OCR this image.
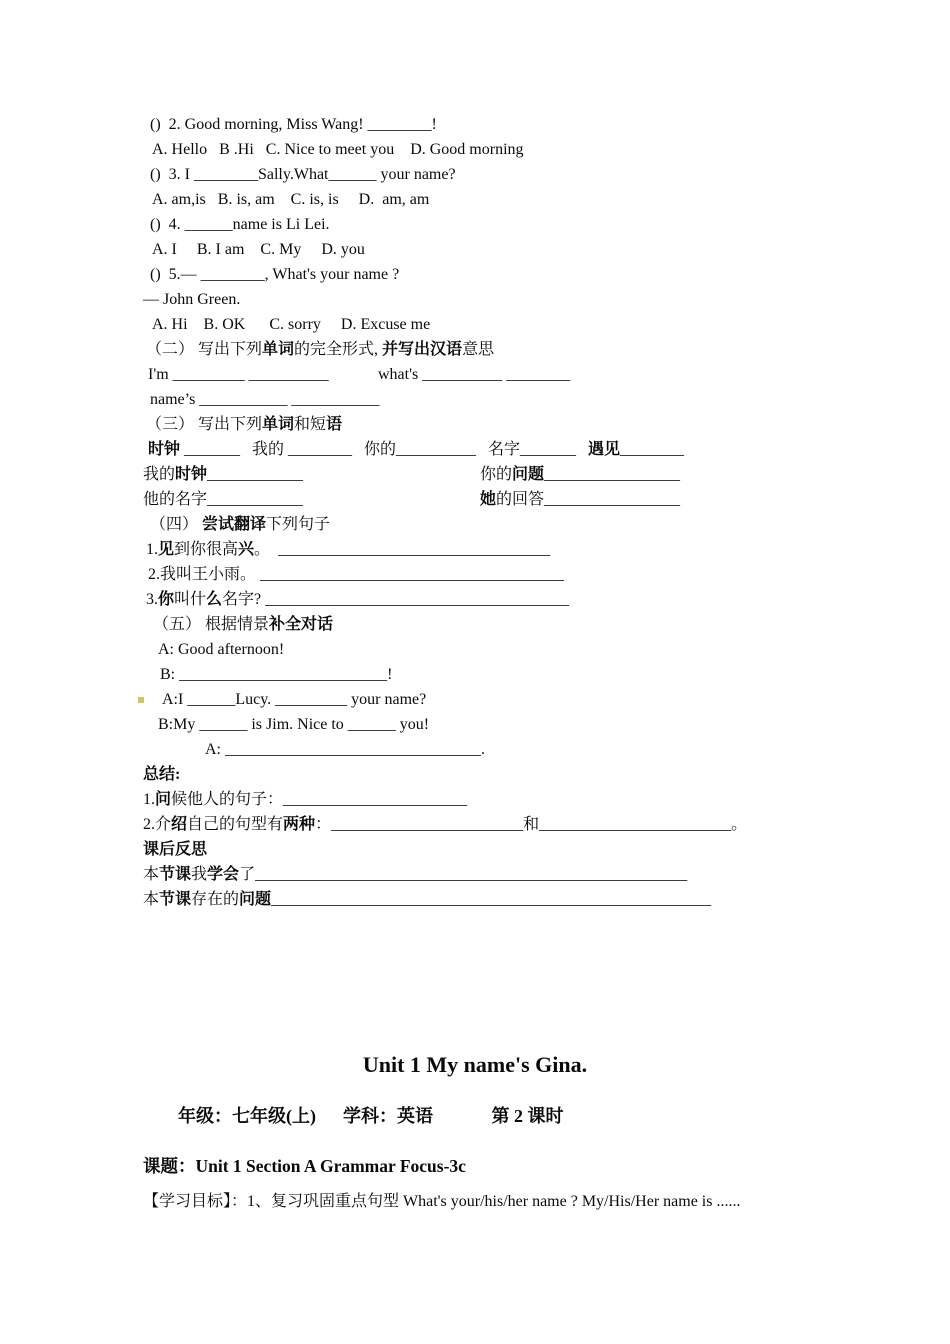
()  2. Good morning, Miss Wang! ________!
A. Hello   B .Hi   C. Nice to meet you    D. Good morning
()  3. I ________Sally.What______ your name?
A. am,is   B. is, am    C. is, is     D.  am, am
()  4. ______name is Li Lei.
A. I     B. I am    C. My     D. you
()  5.— ________, What's your name ?
— John Green.
A. Hi    B. OK      C. sorry     D. Excuse me
（二） 写出下列单词的完全形式, 并写出汉语意思
I'm _________ __________	what's __________ ________
name’s ___________ ___________
（三） 写出下列单词和短语
时钟 _______   我的 ________   你的__________   名字_______   遇见________
我的时钟____________	你的 问题 _________________
他的名字____________	她 的回答 _________________
（四） 尝试翻译下列句子
1.见到你很高兴。  __________________________________
2.我叫王小雨。 ______________________________________
3.你叫什么名字? ______________________________________
（五） 根据情景补全对话
A: Good afternoon!
B: __________________________!
A:I ______Lucy. _________ your name?
B:My ______ is Jim. Nice to ______ you!
A: ________________________________.
总结:
1.问候他人的句子：_______________________
2.介绍自己的句型有两种：________________________和________________________。
课后反思
本节课我学会了______________________________________________________
本节课存在的问题_______________________________________________________
Unit 1 My name's Gina.
年级：七年级(上)      学科：英语             第 2 课时
课题：Unit 1 Section A Grammar Focus-3c
【学习目标】：1、复习巩固重点句型 What's your/his/her name ? My/His/Her name is ......
